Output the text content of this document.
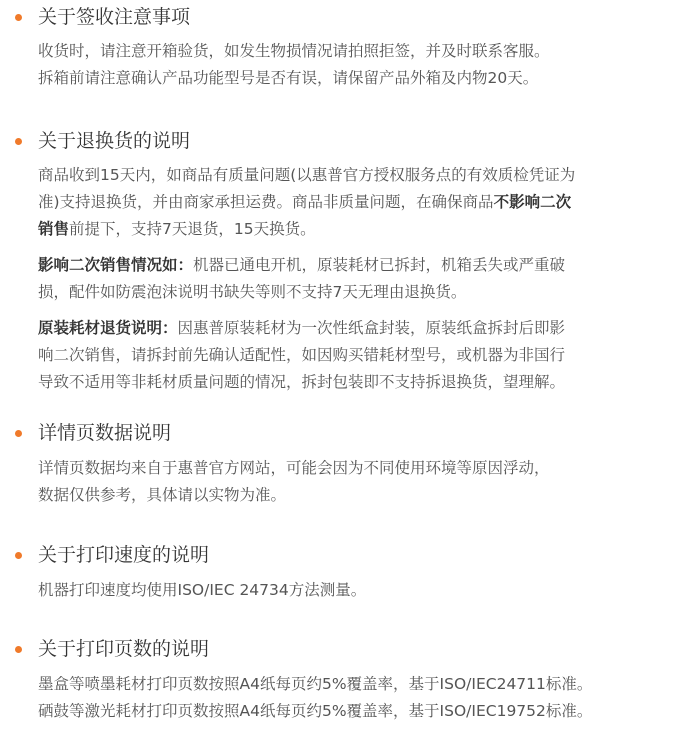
关于签收注意事项

收货时，请注意开箱验货，如发生物损情况请拍照拒签，并及时联系客服。
拆箱前请注意确认产品功能型号是否有误，请保留产品外箱及内物20天。

关于退换货的说明

商品收到15天内，如商品有质量问题(以惠普官方授权服务点的有效质检凭证为
准)支持退换货，并由商家承担运费。商品非质量问题，在确保商品不影响二次
销售前提下，支持7天退货，15天换货。

影响二次销售情况如：机器已通电开机，原装耗材已拆封，机箱丢失或严重破
损，配件如防震泡沫说明书缺失等则不支持7天无理由退换货。

原装耗材退货说明：因惠普原装耗材为一次性纸盒封装，原装纸盒拆封后即影
响二次销售，请拆封前先确认适配性，如因购买错耗材型号，或机器为非国行
导致不适用等非耗材质量问题的情况，拆封包装即不支持拆退换货，望理解。

详情页数据说明

详情页数据均来自于惠普官方网站，可能会因为不同使用环境等原因浮动，
数据仅供参考，具体请以实物为准。

关于打印速度的说明

机器打印速度均使用ISO/IEC 24734方法测量。

关于打印页数的说明

墨盒等喷墨耗材打印页数按照A4纸每页约5%覆盖率，基于ISO/IEC24711标准。
硒鼓等激光耗材打印页数按照A4纸每页约5%覆盖率，基于ISO/IEC19752标准。
